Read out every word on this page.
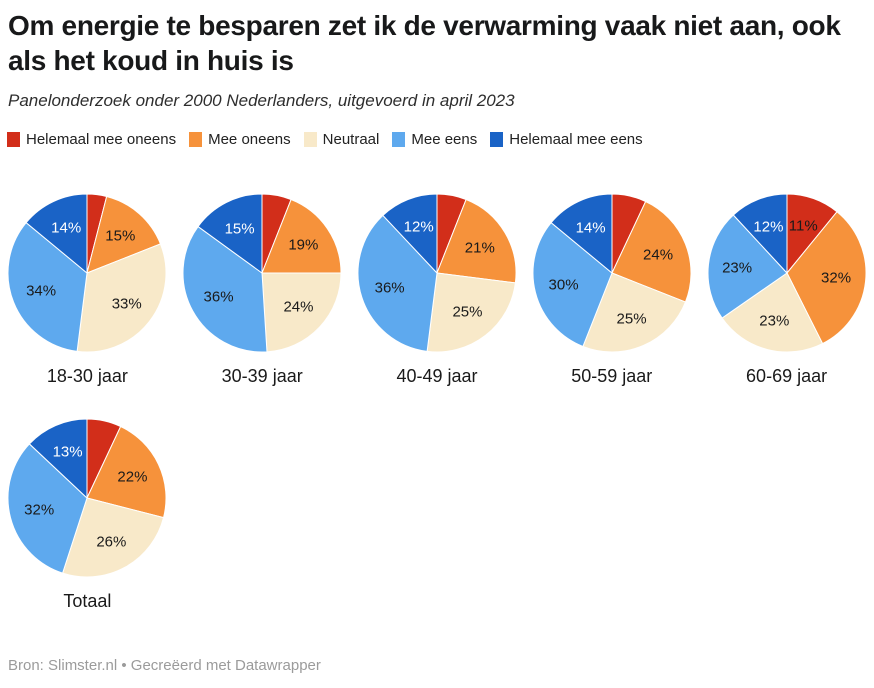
Om energie te besparen zet ik de verwarming vaak niet aan, ook als het koud in huis is
Panelonderzoek onder 2000 Nederlanders, uitgevoerd in april 2023
Helemaal mee oneens Mee oneens Neutraal Mee eens Helemaal mee eens
15%
33%
34%
14%
18-30 jaar
19%
24%
36%
15%
30-39 jaar
21%
25%
36%
12%
40-49 jaar
24%
25%
30%
14%
50-59 jaar
11%
32%
23%
23%
12%
60-69 jaar
22%
26%
32%
13%
Totaal
Bron: Slimster.nl • Gecreëerd met Datawrapper
